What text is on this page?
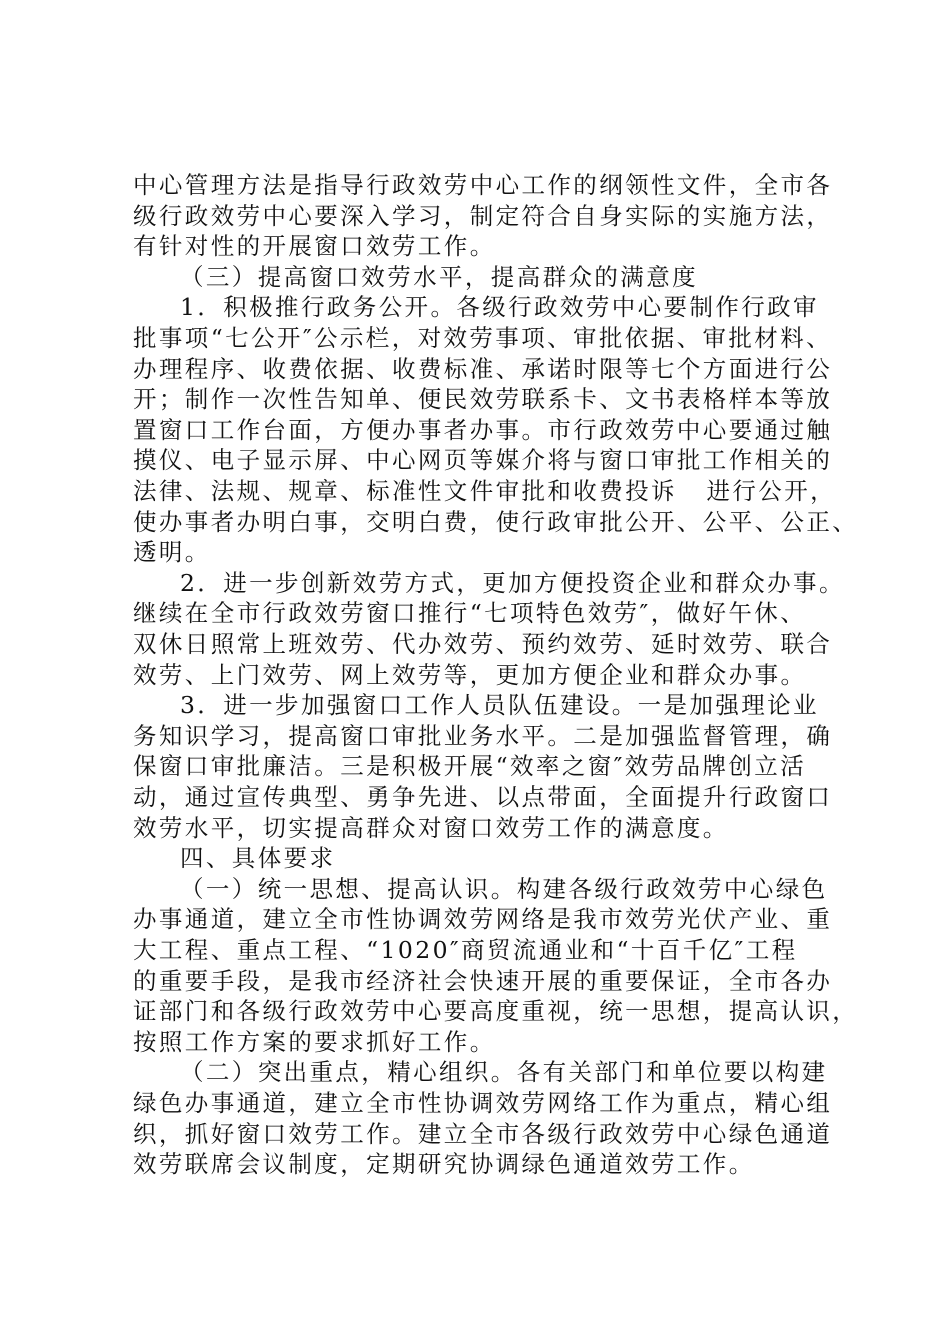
中心管理方法是指导行政效劳中心工作的纲领性文件，全市各
级行政效劳中心要深入学习，制定符合自身实际的实施方法，
有针对性的开展窗口效劳工作。
（三）提高窗口效劳水平，提高群众的满意度
1．积极推行政务公开。各级行政效劳中心要制作行政审
批事项“七公开″公示栏，对效劳事项、审批依据、审批材料、
办理程序、收费依据、收费标准、承诺时限等七个方面进行公
开；制作一次性告知单、便民效劳联系卡、文书表格样本等放
置窗口工作台面，方便办事者办事。市行政效劳中心要通过触
摸仪、电子显示屏、中心网页等媒介将与窗口审批工作相关的
法律、法规、规章、标准性文件审批和收费投诉   进行公开，
使办事者办明白事，交明白费，使行政审批公开、公平、公正、
透明。
2．进一步创新效劳方式，更加方便投资企业和群众办事。
继续在全市行政效劳窗口推行“七项特色效劳″，做好午休、
双休日照常上班效劳、代办效劳、预约效劳、延时效劳、联合
效劳、上门效劳、网上效劳等，更加方便企业和群众办事。
3．进一步加强窗口工作人员队伍建设。一是加强理论业
务知识学习，提高窗口审批业务水平。二是加强监督管理，确
保窗口审批廉洁。三是积极开展“效率之窗″效劳品牌创立活
动，通过宣传典型、勇争先进、以点带面，全面提升行政窗口
效劳水平，切实提高群众对窗口效劳工作的满意度。
四、具体要求
（一）统一思想、提高认识。构建各级行政效劳中心绿色
办事通道，建立全市性协调效劳网络是我市效劳光伏产业、重
大工程、重点工程、“1020″商贸流通业和“十百千亿″工程
的重要手段，是我市经济社会快速开展的重要保证，全市各办
证部门和各级行政效劳中心要高度重视，统一思想，提高认识，
按照工作方案的要求抓好工作。
（二）突出重点，精心组织。各有关部门和单位要以构建
绿色办事通道，建立全市性协调效劳网络工作为重点，精心组
织，抓好窗口效劳工作。建立全市各级行政效劳中心绿色通道
效劳联席会议制度，定期研究协调绿色通道效劳工作。
